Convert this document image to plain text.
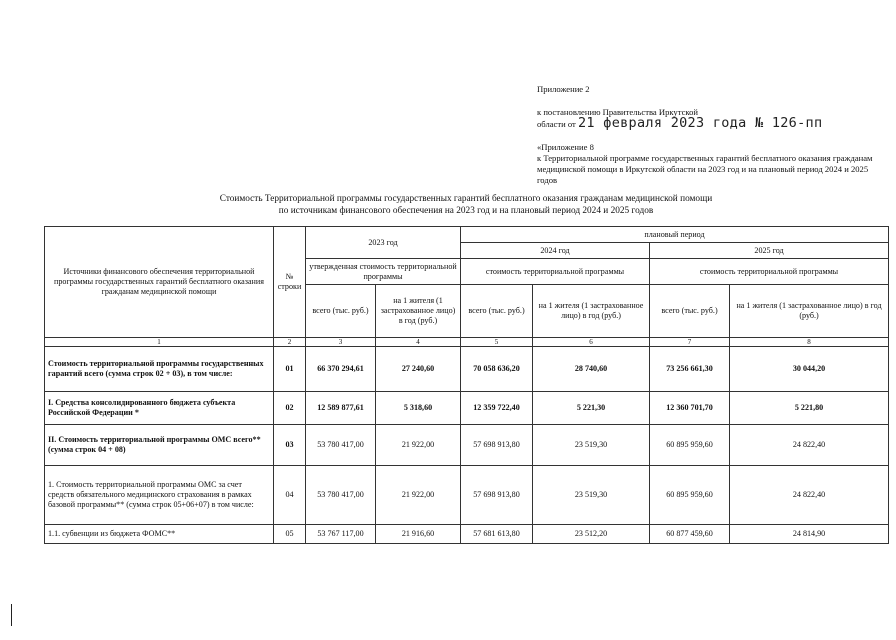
Приложение 2
к постановлению Правительства Иркутской
области от 21 февраля 2023 года № 126-пп
«Приложение 8
к Территориальной программе государственных гарантий бесплатного оказания гражданам медицинской помощи в Иркутской области на 2023 год и на плановый период 2024 и 2025 годов
Стоимость Территориальной программы государственных гарантий бесплатного оказания гражданам медицинской помощи
по источникам финансового обеспечения на 2023 год и на плановый период 2024 и 2025 годов
Источники финансового обеспечения территориальной программы государственных гарантий бесплатного оказания гражданам медицинской помощи	№ строки	2023 год		плановый период			
				2024 год		2025 год	
		утвержденная стоимость территориальной программы		стоимость территориальной программы		стоимость территориальной программы	
		всего (тыс. руб.)	на 1 жителя (1 застрахованное лицо) в год (руб.)	всего (тыс. руб.)	на 1 жителя (1 застрахованное лицо) в год (руб.)	всего (тыс. руб.)	на 1 жителя (1 застрахованное лицо) в год (руб.)
1	2	3	4	5	6	7	8
Стоимость территориальной программы государственных гарантий всего (сумма строк 02 + 03), в том числе:	01	66 370 294,61	27 240,60	70 058 636,20	28 740,60	73 256 661,30	30 044,20
I. Средства консолидированного бюджета субъекта Российской Федерации *	02	12 589 877,61	5 318,60	12 359 722,40	5 221,30	12 360 701,70	5 221,80
II. Стоимость территориальной программы ОМС всего** (сумма строк 04 + 08)	03	53 780 417,00	21 922,00	57 698 913,80	23 519,30	60 895 959,60	24 822,40
1. Стоимость территориальной программы ОМС за счет средств обязательного медицинского страхования в рамках базовой программы** (сумма строк 05+06+07) в том числе:	04	53 780 417,00	21 922,00	57 698 913,80	23 519,30	60 895 959,60	24 822,40
1.1. субвенции из бюджета ФОМС**	05	53 767 117,00	21 916,60	57 681 613,80	23 512,20	60 877 459,60	24 814,90
